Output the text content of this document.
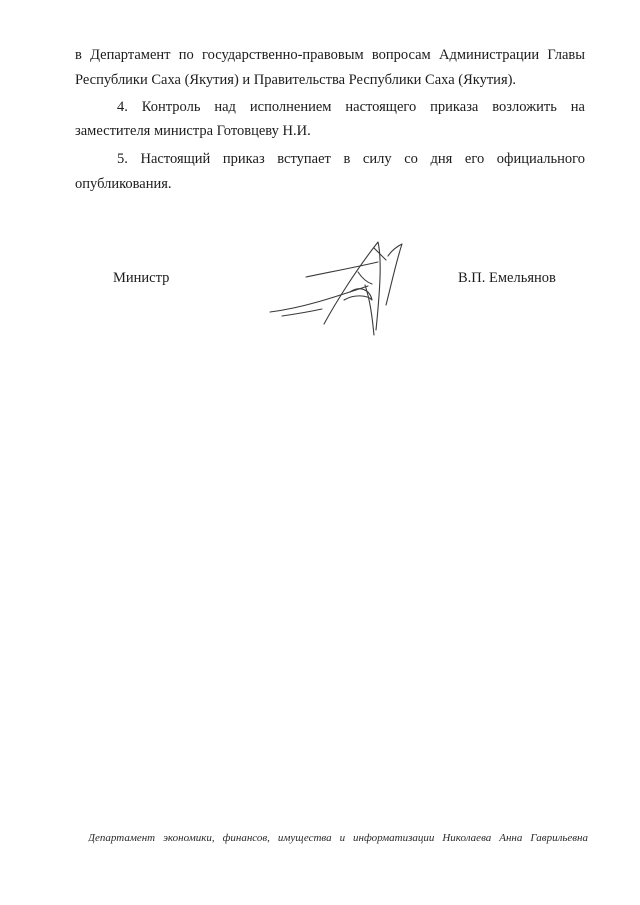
в Департамент по государственно-правовым вопросам Администрации Главы
Республики Саха (Якутия) и Правительства Республики Саха (Якутия).
4. Контроль над исполнением настоящего приказа возложить на
заместителя министра Готовцеву Н.И.
5. Настоящий приказ вступает в силу со дня его официального
опубликования.
Министр	В.П. Емельянов
Департамент экономики, финансов, имущества и информатизации Николаева Анна Гаврильевна
